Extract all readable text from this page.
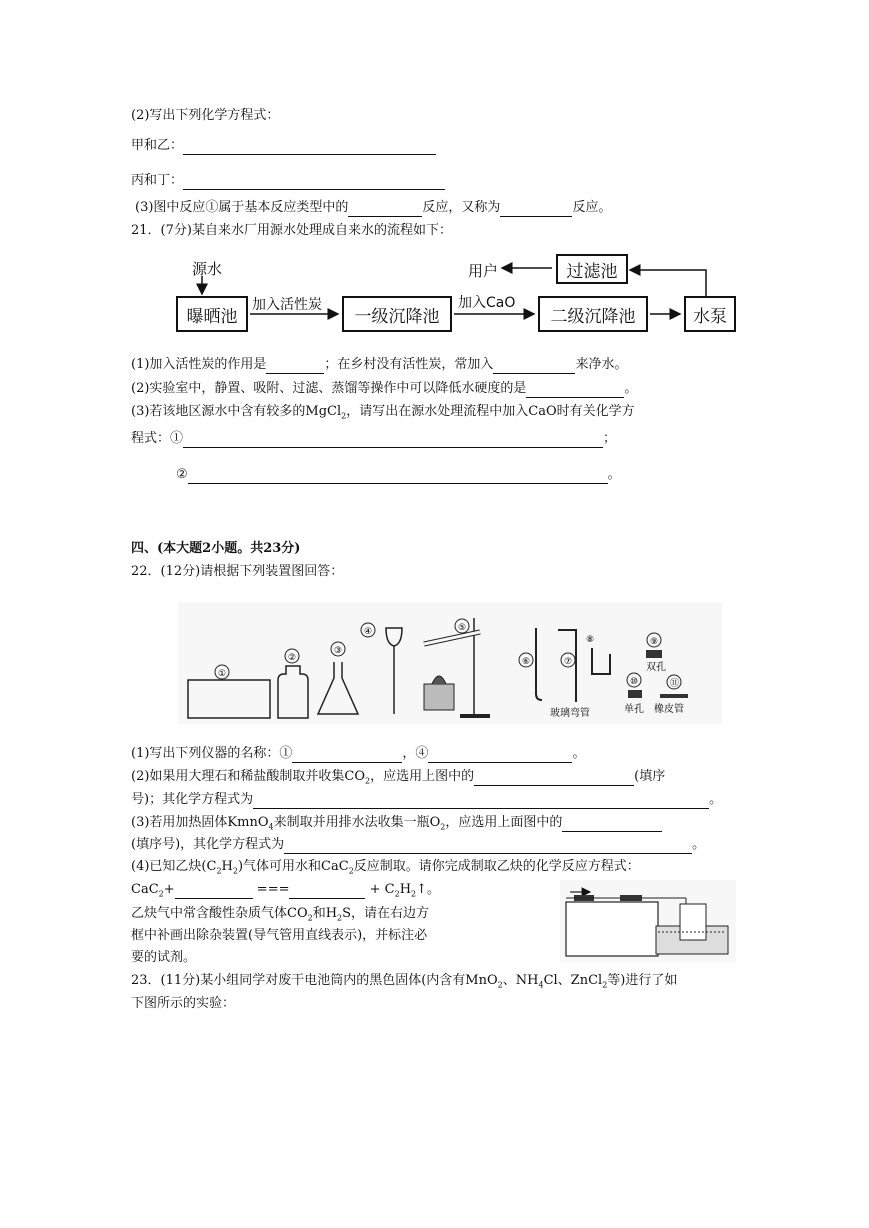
(2)写出下列化学方程式：
甲和乙：
丙和丁：
(3)图中反应①属于基本反应类型中的	反应，又称为	反应。
21．(7分)某自来水厂用源水处理成自来水的流程如下：
源水
曝晒池
加入活性炭
一级沉降池
加入CaO
二级沉降池	水泵
过滤池
用户
(1)加入活性炭的作用是	；在乡村没有活性炭，常加入	来净水。
(2)实验室中，静置、吸附、过滤、蒸馏等操作中可以降低水硬度的是	。
(3)若该地区源水中含有较多的MgCl$_2$，请写出在源水处理流程中加入CaO时有关化学方
程式：①	；
②	。
四、(本大题2小题。共23分)
22．(12分)请根据下列装置图回答：
玻璃弯管
双孔
单孔 橡皮管
①
②
③
④	⑤
⑥	⑦
⑧	⑨
⑩	⑪
(1)写出下列仪器的名称：①	，④	。
(2)如果用大理石和稀盐酸制取并收集$CO_2$，应选用上图中的	(填序
号)；其化学方程式为	。
(3)若用加热固体KmnO$_4$来制取并用排水法收集一瓶$O_2$，应选用上面图中的
(填序号)，其化学方程式为	。
(4)已知乙炔$(C_2H_2)$气体可用水和CaC$_2$反应制取。请你完成制取乙炔的化学反应方程式：
CaC$_2$+	===	+ $C_2H_2↑$。
乙炔气中常含酸性杂质气体$CO_2$和$H_2S$，请在右边方
框中补画出除杂装置(导气管用直线表示)，并标注必
要的试剂。
23．(11分)某小组同学对废干电池筒内的黑色固体(内含有MnO$_2$、$NH_4Cl$、ZnCl$_2$等)进行了如
下图所示的实验：
